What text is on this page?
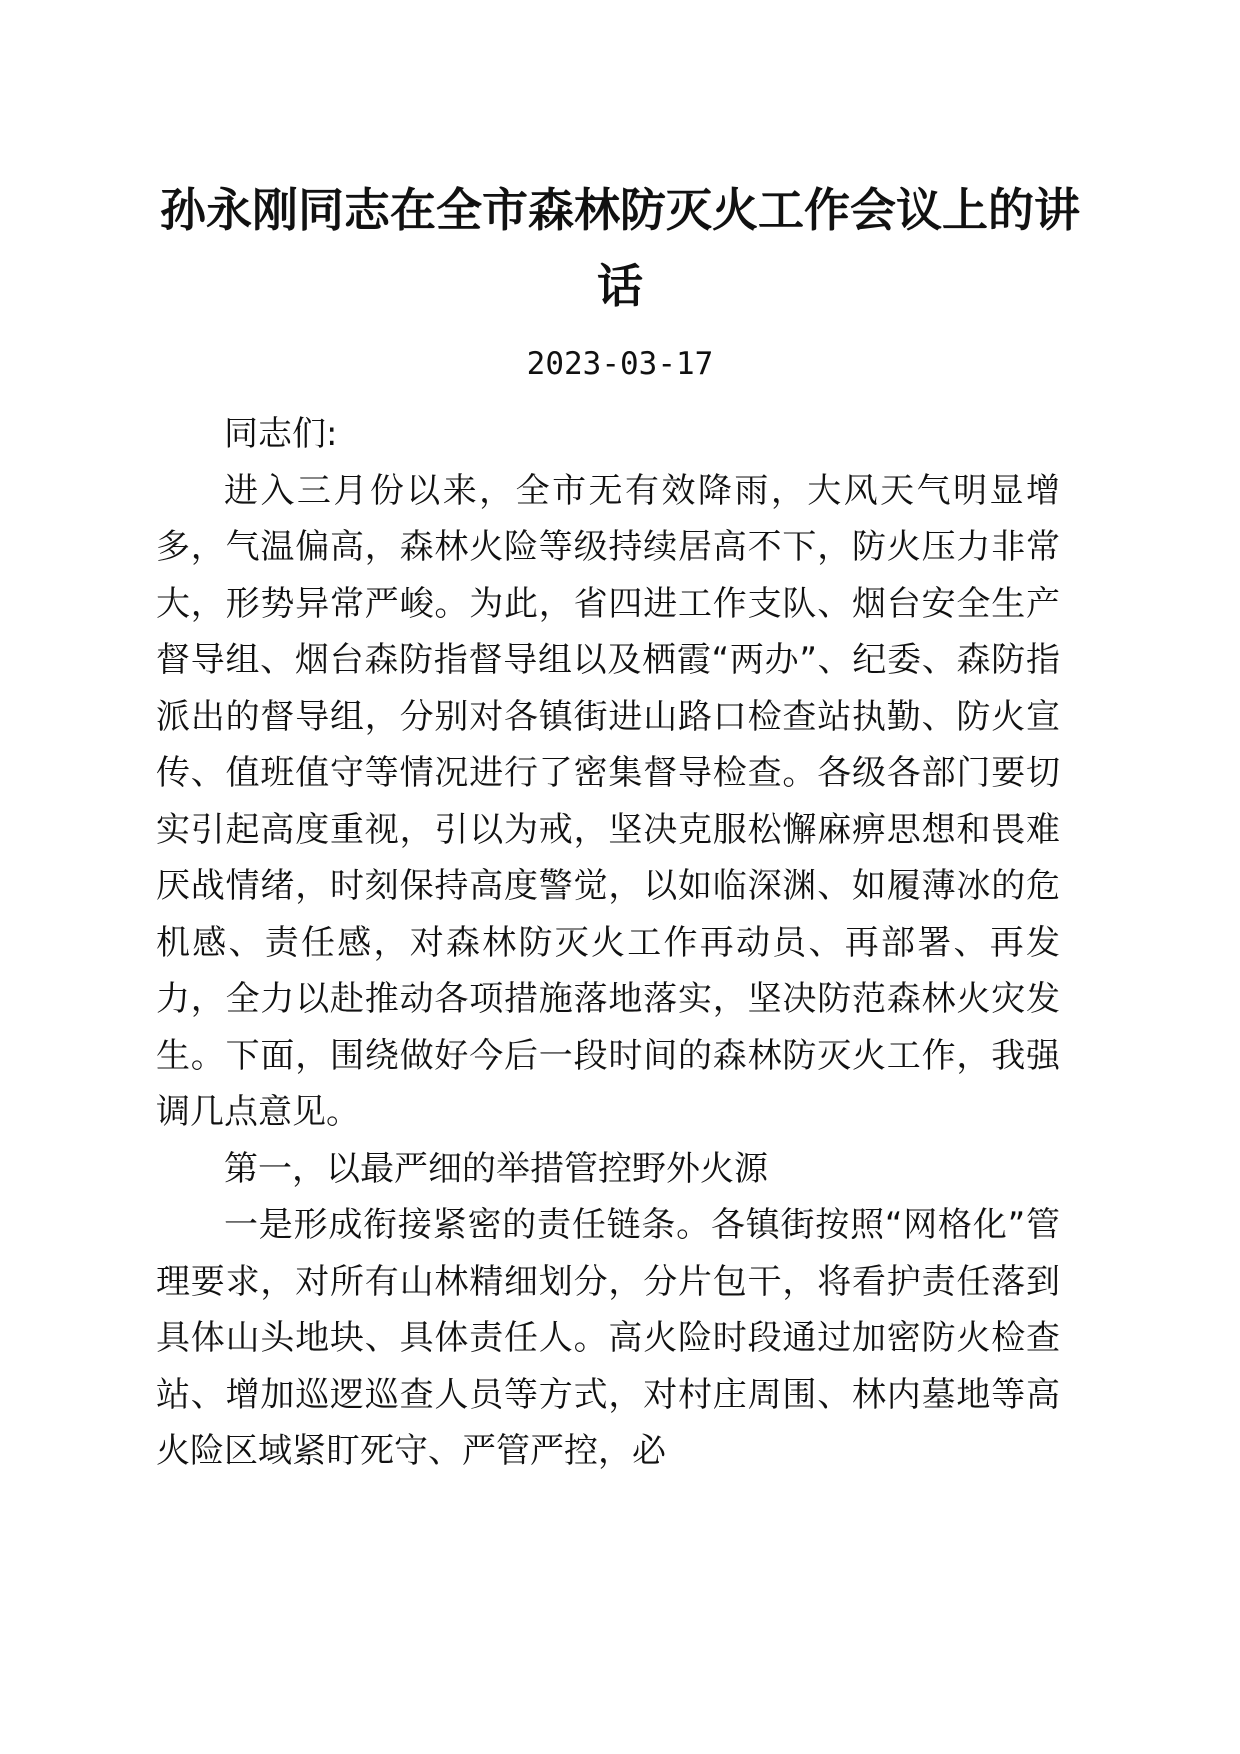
孙永刚同志在全市森林防灭火工作会议上的讲话
2023-03-17

同志们:

进入三月份以来，全市无有效降雨，大风天气明显增多，气温偏高，森林火险等级持续居高不下，防火压力非常大，形势异常严峻。为此，省四进工作支队、烟台安全生产督导组、烟台森防指督导组以及栖霞“两办”、纪委、森防指派出的督导组，分别对各镇街进山路口检查站执勤、防火宣传、值班值守等情况进行了密集督导检查。各级各部门要切实引起高度重视，引以为戒，坚决克服松懈麻痹思想和畏难厌战情绪，时刻保持高度警觉，以如临深渊、如履薄冰的危机感、责任感，对森林防灭火工作再动员、再部署、再发力，全力以赴推动各项措施落地落实，坚决防范森林火灾发生。下面，围绕做好今后一段时间的森林防灭火工作，我强调几点意见。

第一，以最严细的举措管控野外火源

一是形成衔接紧密的责任链条。各镇街按照“网格化”管理要求，对所有山林精细划分，分片包干，将看护责任落到具体山头地块、具体责任人。高火险时段通过加密防火检查站、增加巡逻巡查人员等方式，对村庄周围、林内墓地等高火险区域紧盯死守、严管严控，必
